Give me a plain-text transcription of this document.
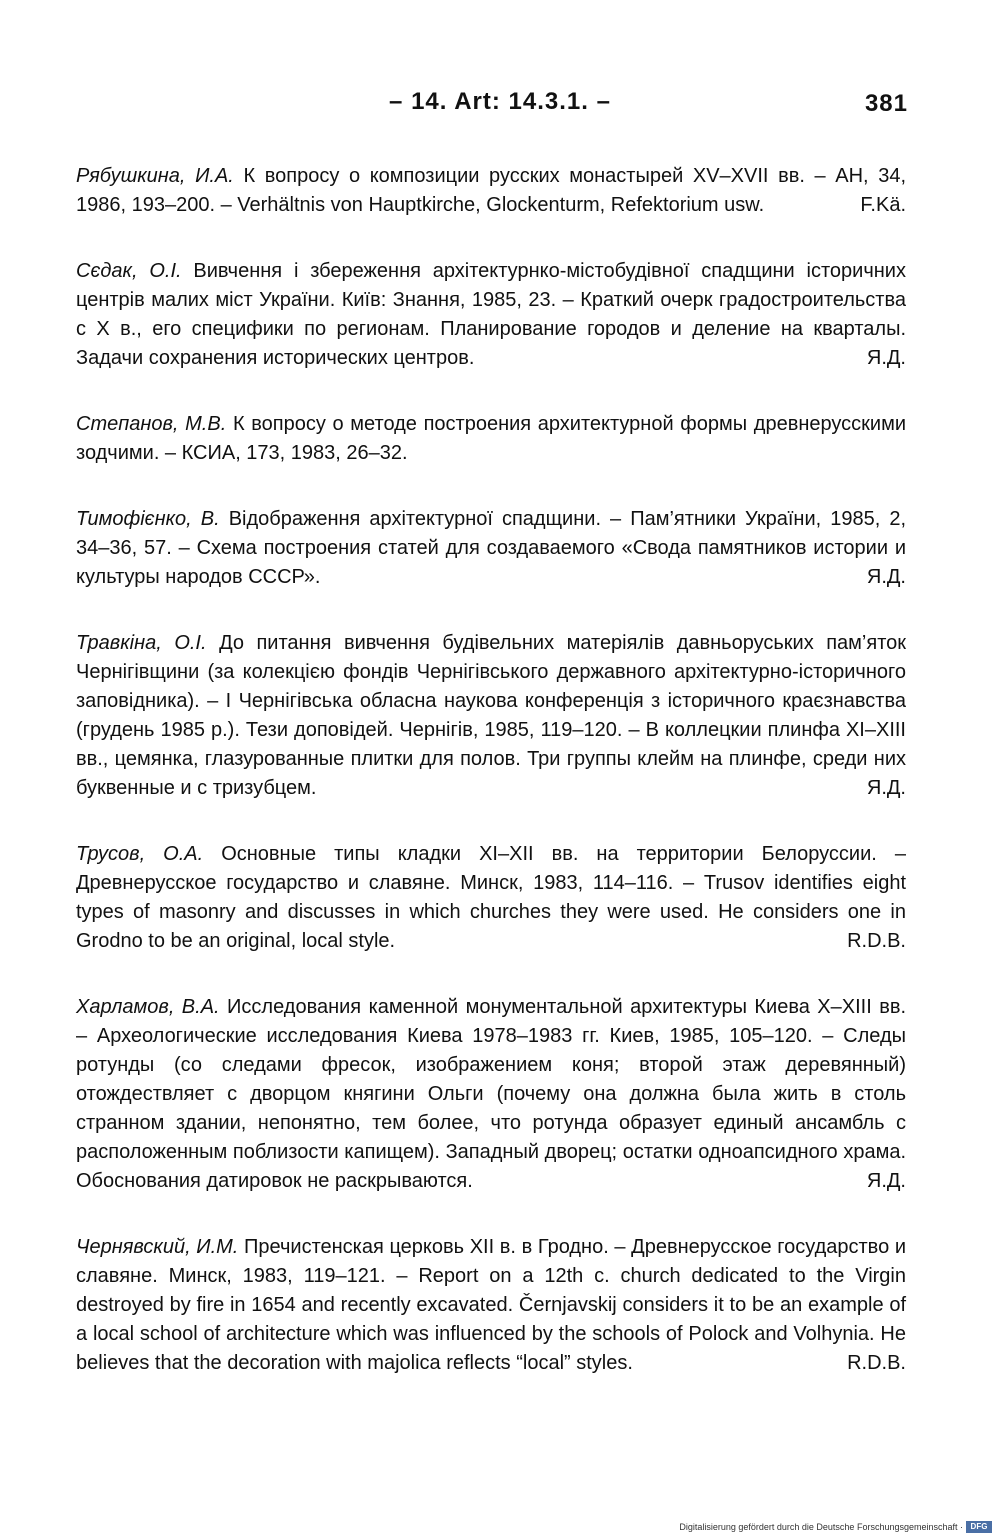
– 14. Art: 14.3.1. –	381

Рябушкина, И.А. К вопросу о композиции русских монастырей XV–XVII вв. – АН, 34, 1986, 193–200. – Verhältnis von Hauptkirche, Glockenturm, Refektorium usw.	F.Kä.

Сєдак, О.І. Вивчення і збереження архітектурнко-містобудівної спадщини історичних центрів малих міст України. Київ: Знання, 1985, 23. – Краткий очерк градостроительства с X в., его специфики по регионам. Планирование городов и деление на кварталы. Задачи сохранения исторических центров.	Я.Д.

Степанов, М.В. К вопросу о методе построения архитектурной формы древнерусскими зодчими. – КСИА, 173, 1983, 26–32.

Тимофієнко, В. Відображення архітектурної спадщини. – Пам’ятники України, 1985, 2, 34–36, 57. – Схема построения статей для создаваемого «Свода памятников истории и культуры народов СССР».	Я.Д.

Травкіна, О.І. До питання вивчення будівельних матеріялів давньоруських пам’яток Чернігівщини (за колекцією фондів Чернігівського державного архітектурно-історичного заповідника). – І Чернігівська обласна наукова конференція з історичного краєзнавства (грудень 1985 р.). Тези доповідей. Чернігів, 1985, 119–120. – В коллецкии плинфа XI–XIII вв., цемянка, глазурованные плитки для полов. Три группы клейм на плинфе, среди них буквенные и с тризубцем.	Я.Д.

Трусов, О.А. Основные типы кладки XI–XII вв. на территории Белоруссии. – Древнерусское государство и славяне. Минск, 1983, 114–116. – Trusov identifies eight types of masonry and discusses in which churches they were used. He considers one in Grodno to be an original, local style.	R.D.B.

Харламов, В.А. Исследования каменной монументальной архитектуры Киева X–XIII вв. – Археологические исследования Киева 1978–1983 гг. Киев, 1985, 105–120. – Следы ротунды (со следами фресок, изображением коня; второй этаж деревянный) отождествляет с дворцом княгини Ольги (почему она должна была жить в столь странном здании, непонятно, тем более, что ротунда образует единый ансамбль с расположенным поблизости капищем). Западный дворец; остатки одноапсидного храма. Обоснования датировок не раскрываются.	Я.Д.

Чернявский, И.М. Пречистенская церковь XII в. в Гродно. – Древнерусское государство и славяне. Минск, 1983, 119–121. – Report on a 12th c. church dedicated to the Virgin destroyed by fire in 1654 and recently excavated. Černjavskij considers it to be an example of a local school of architecture which was influenced by the schools of Polock and Volhynia. He believes that the decoration with majolica reflects “local” styles.	R.D.B.

Digitalisierung gefördert durch die Deutsche Forschungsgemeinschaft · DFG
